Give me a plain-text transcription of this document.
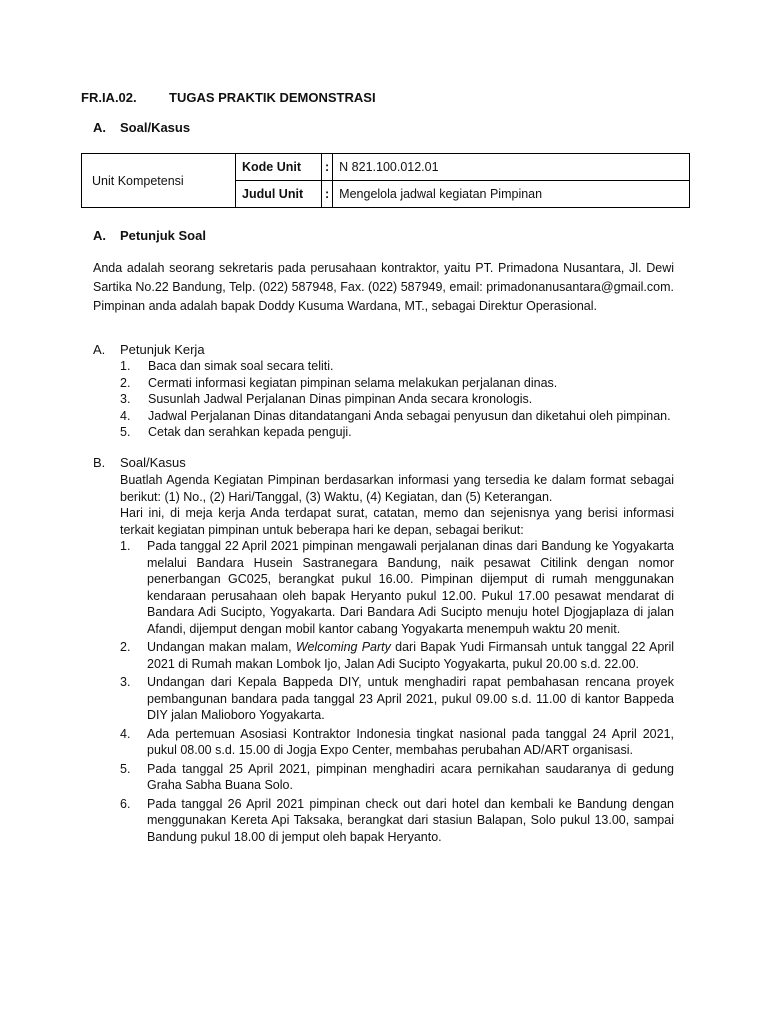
FR.IA.02. TUGAS PRAKTIK DEMONSTRASI
A. Soal/Kasus
Unit Kompetensi	Kode Unit	:	N 821.100.012.01
	Judul Unit	:	Mengelola jadwal kegiatan Pimpinan
A. Petunjuk Soal
Anda adalah seorang sekretaris pada perusahaan kontraktor, yaitu PT. Primadona Nusantara, Jl. Dewi Sartika No.22 Bandung, Telp. (022) 587948, Fax. (022) 587949, email: primadonanusantara@gmail.com. Pimpinan anda adalah bapak Doddy Kusuma Wardana, MT., sebagai Direktur Operasional.
A. Petunjuk Kerja
1. Baca dan simak soal secara teliti.
2. Cermati informasi kegiatan pimpinan selama melakukan perjalanan dinas.
3. Susunlah Jadwal Perjalanan Dinas pimpinan Anda secara kronologis.
4. Jadwal Perjalanan Dinas ditandatangani Anda sebagai penyusun dan diketahui oleh pimpinan.
5. Cetak dan serahkan kepada penguji.
B. Soal/Kasus
Buatlah Agenda Kegiatan Pimpinan berdasarkan informasi yang tersedia ke dalam format sebagai berikut: (1) No., (2) Hari/Tanggal, (3) Waktu, (4) Kegiatan, dan (5) Keterangan.
Hari ini, di meja kerja Anda terdapat surat, catatan, memo dan sejenisnya yang berisi informasi terkait kegiatan pimpinan untuk beberapa hari ke depan, sebagai berikut:
1. Pada tanggal 22 April 2021 pimpinan mengawali perjalanan dinas dari Bandung ke Yogyakarta melalui Bandara Husein Sastranegara Bandung, naik pesawat Citilink dengan nomor penerbangan GC025, berangkat pukul 16.00. Pimpinan dijemput di rumah menggunakan kendaraan perusahaan oleh bapak Heryanto pukul 12.00. Pukul 17.00 pesawat mendarat di Bandara Adi Sucipto, Yogyakarta. Dari Bandara Adi Sucipto menuju hotel Djogjaplaza di jalan Afandi, dijemput dengan mobil kantor cabang Yogyakarta menempuh waktu 20 menit.
2. Undangan makan malam, Welcoming Party dari Bapak Yudi Firmansah untuk tanggal 22 April 2021 di Rumah makan Lombok Ijo, Jalan Adi Sucipto Yogyakarta, pukul 20.00 s.d. 22.00.
3. Undangan dari Kepala Bappeda DIY, untuk menghadiri rapat pembahasan rencana proyek pembangunan bandara pada tanggal 23 April 2021, pukul 09.00 s.d. 11.00 di kantor Bappeda DIY jalan Malioboro Yogyakarta.
4. Ada pertemuan Asosiasi Kontraktor Indonesia tingkat nasional pada tanggal 24 April 2021, pukul 08.00 s.d. 15.00 di Jogja Expo Center, membahas perubahan AD/ART organisasi.
5. Pada tanggal 25 April 2021, pimpinan menghadiri acara pernikahan saudaranya di gedung Graha Sabha Buana Solo.
6. Pada tanggal 26 April 2021 pimpinan check out dari hotel dan kembali ke Bandung dengan menggunakan Kereta Api Taksaka, berangkat dari stasiun Balapan, Solo pukul 13.00, sampai Bandung pukul 18.00 di jemput oleh bapak Heryanto.
